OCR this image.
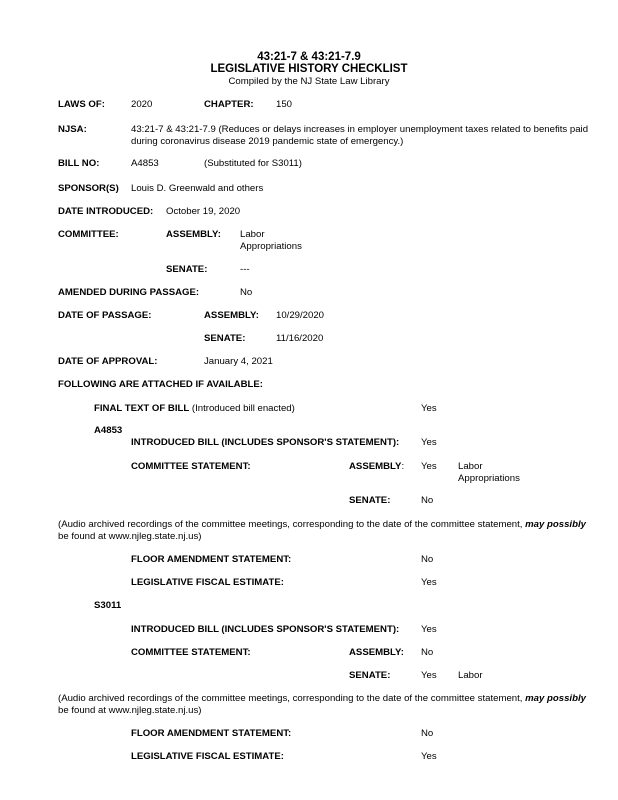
43:21-7 & 43:21-7.9
LEGISLATIVE HISTORY CHECKLIST
Compiled by the NJ State Law Library
LAWS OF:	2020	CHAPTER: 150
NJSA:	43:21-7 & 43:21-7.9 (Reduces or delays increases in employer unemployment taxes related to benefits paid
during coronavirus disease 2019 pandemic state of emergency.)
BILL NO:	A4853	(Substituted for S3011)
SPONSOR(S) Louis D. Greenwald and others
DATE INTRODUCED: October 19, 2020
COMMITTEE:	ASSEMBLY: Labor
Appropriations
SENATE:	---
AMENDED DURING PASSAGE:	No
DATE OF PASSAGE:	ASSEMBLY: 10/29/2020
SENATE:	11/16/2020
DATE OF APPROVAL:	January 4, 2021
FOLLOWING ARE ATTACHED IF AVAILABLE:
FINAL TEXT OF BILL (Introduced bill enacted)	Yes
A4853
INTRODUCED BILL (INCLUDES SPONSOR'S STATEMENT): Yes
COMMITTEE STATEMENT:	ASSEMBLY: Yes Labor
Appropriations
SENATE:	No
(Audio archived recordings of the committee meetings, corresponding to the date of the committee statement, may possibly
be found at www.njleg.state.nj.us)
FLOOR AMENDMENT STATEMENT:	No
LEGISLATIVE FISCAL ESTIMATE:	Yes
S3011
INTRODUCED BILL (INCLUDES SPONSOR'S STATEMENT): Yes
COMMITTEE STATEMENT:	ASSEMBLY: No
SENATE:	Yes Labor
(Audio archived recordings of the committee meetings, corresponding to the date of the committee statement, may possibly
be found at www.njleg.state.nj.us)
FLOOR AMENDMENT STATEMENT:	No
LEGISLATIVE FISCAL ESTIMATE:	Yes
